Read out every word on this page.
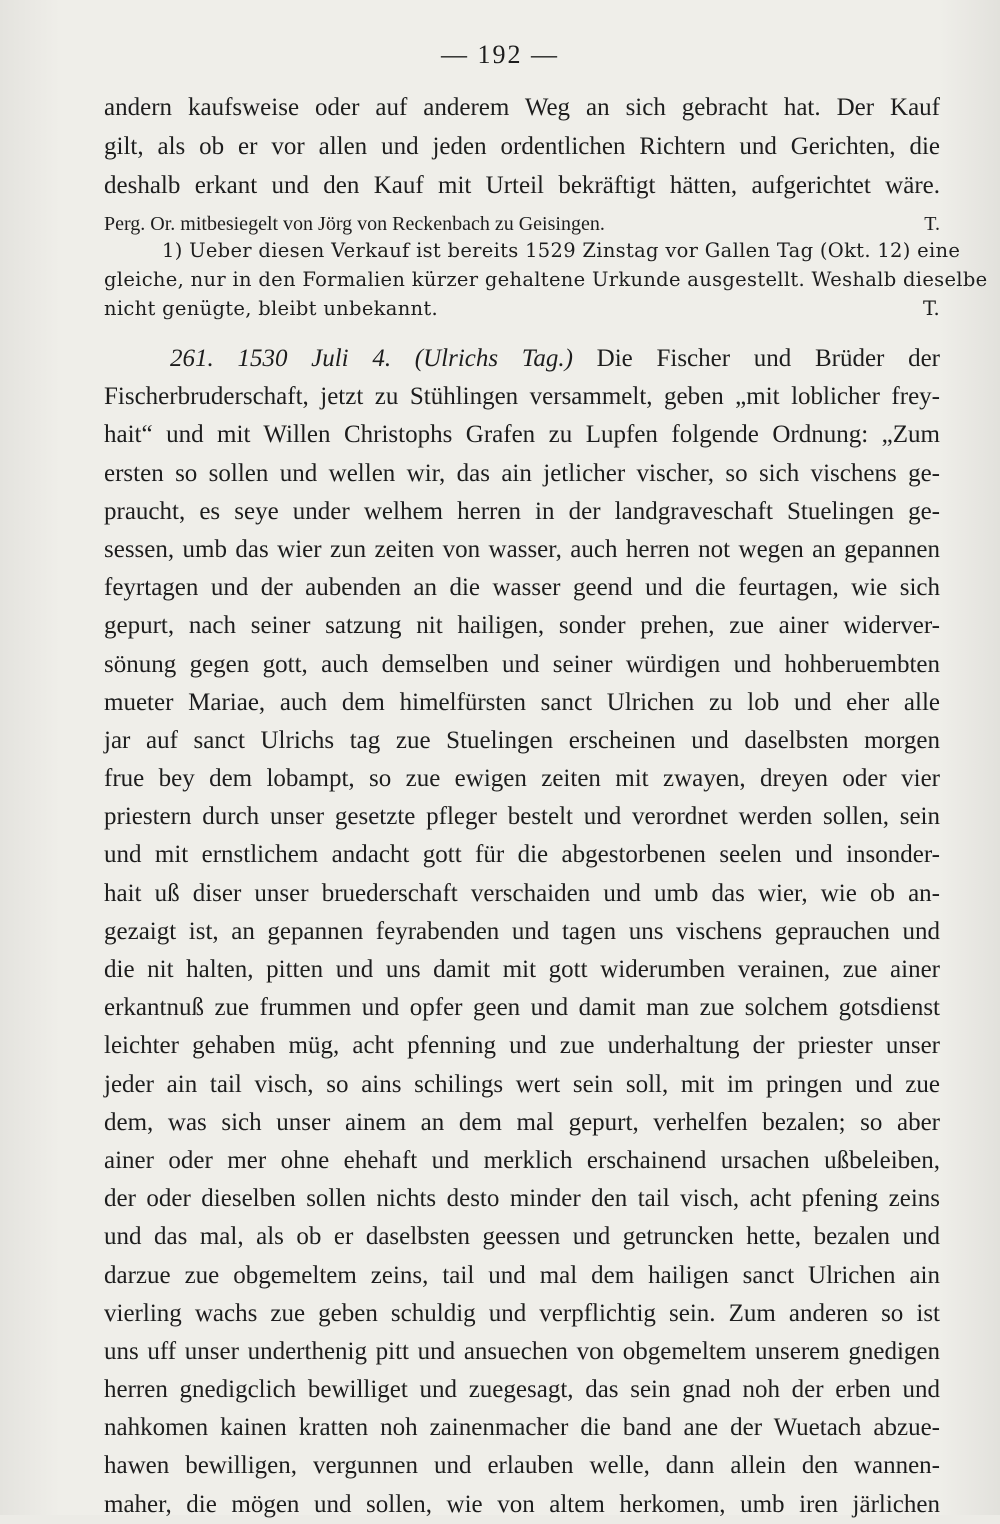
— 192 —
andern kaufsweise oder auf anderem Weg an sich gebracht hat. Der Kauf
gilt, als ob er vor allen und jeden ordentlichen Richtern und Gerichten, die
deshalb erkant und den Kauf mit Urteil bekräftigt hätten, aufgerichtet wäre.
Perg. Or. mitbesiegelt von Jörg von Reckenbach zu Geisingen.	T.
1) Ueber diesen Verkauf ist bereits 1529 Zinstag vor Gallen Tag (Okt. 12) eine
gleiche, nur in den Formalien kürzer gehaltene Urkunde ausgestellt. Weshalb dieselbe
nicht genügte, bleibt unbekannt.	T.
261. 1530 Juli 4. (Ulrichs Tag.) Die Fischer und Brüder der
Fischerbruderschaft, jetzt zu Stühlingen versammelt, geben „mit loblicher frey-
hait“ und mit Willen Christophs Grafen zu Lupfen folgende Ordnung: „Zum
ersten so sollen und wellen wir, das ain jetlicher vischer, so sich vischens ge-
praucht, es seye under welhem herren in der landgraveschaft Stuelingen ge-
sessen, umb das wier zun zeiten von wasser, auch herren not wegen an gepannen
feyrtagen und der aubenden an die wasser geend und die feurtagen, wie sich
gepurt, nach seiner satzung nit hailigen, sonder prehen, zue ainer widerver-
sönung gegen gott, auch demselben und seiner würdigen und hohberuembten
mueter Mariae, auch dem himelfürsten sanct Ulrichen zu lob und eher alle
jar auf sanct Ulrichs tag zue Stuelingen erscheinen und daselbsten morgen
frue bey dem lobampt, so zue ewigen zeiten mit zwayen, dreyen oder vier
priestern durch unser gesetzte pfleger bestelt und verordnet werden sollen, sein
und mit ernstlichem andacht gott für die abgestorbenen seelen und insonder-
hait uß diser unser bruederschaft verschaiden und umb das wier, wie ob an-
gezaigt ist, an gepannen feyrabenden und tagen uns vischens geprauchen und
die nit halten, pitten und uns damit mit gott widerumben verainen, zue ainer
erkantnuß zue frummen und opfer geen und damit man zue solchem gotsdienst
leichter gehaben müg, acht pfenning und zue underhaltung der priester unser
jeder ain tail visch, so ains schilings wert sein soll, mit im pringen und zue
dem, was sich unser ainem an dem mal gepurt, verhelfen bezalen; so aber
ainer oder mer ohne ehehaft und merklich erschainend ursachen ußbeleiben,
der oder dieselben sollen nichts desto minder den tail visch, acht pfening zeins
und das mal, als ob er daselbsten geessen und getruncken hette, bezalen und
darzue zue obgemeltem zeins, tail und mal dem hailigen sanct Ulrichen ain
vierling wachs zue geben schuldig und verpflichtig sein. Zum anderen so ist
uns uff unser underthenig pitt und ansuechen von obgemeltem unserem gnedigen
herren gnedigclich bewilliget und zuegesagt, das sein gnad noh der erben und
nahkomen kainen kratten noh zainenmacher die band ane der Wuetach abzue-
hawen bewilligen, vergunnen und erlauben welle, dann allein den wannen-
maher, die mögen und sollen, wie von altem herkomen, umb iren järlichen
